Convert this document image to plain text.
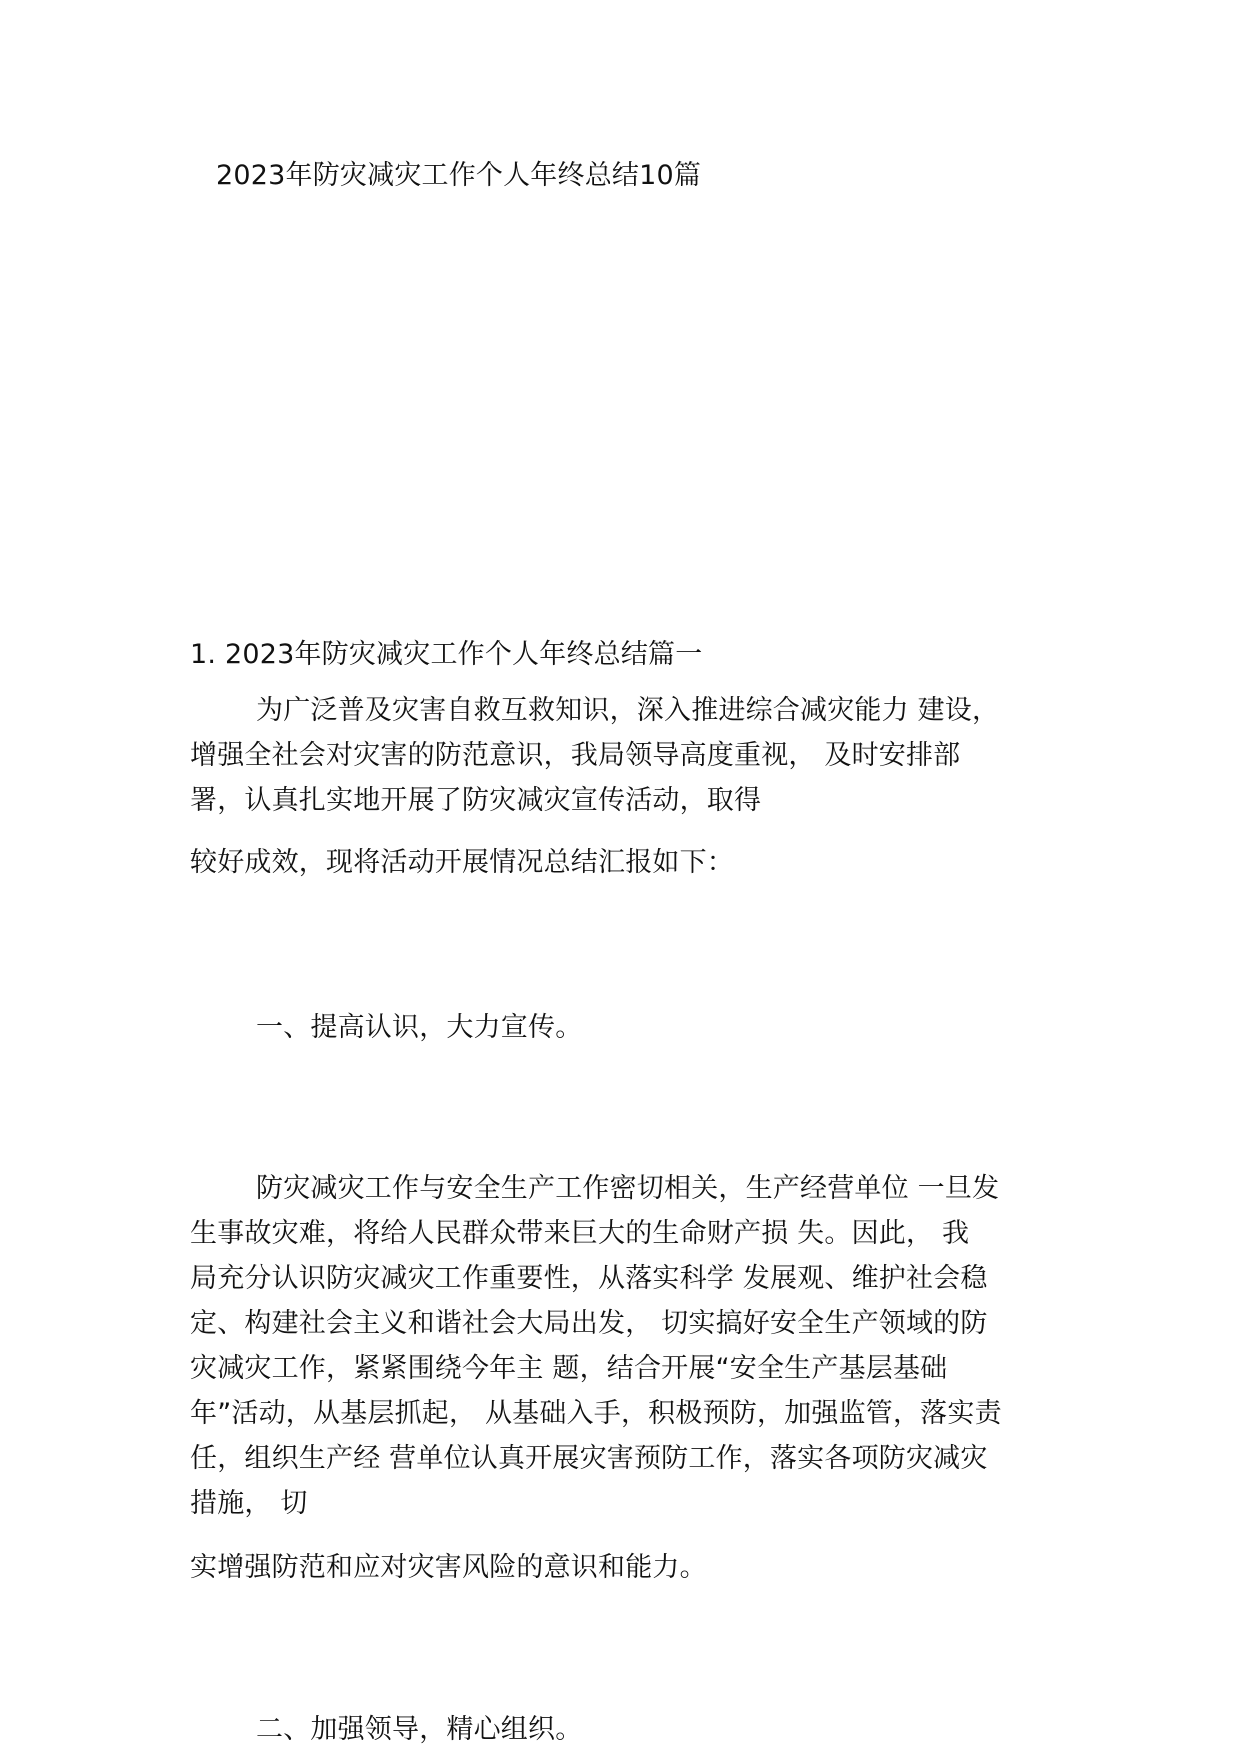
2023年防灾减灾工作个人年终总结10篇
1. 2023年防灾减灾工作个人年终总结篇一
为广泛普及灾害自救互救知识，深入推进综合减灾能力 建设，
增强全社会对灾害的防范意识，我局领导高度重视， 及时安排部
署，认真扎实地开展了防灾减灾宣传活动，取得
较好成效，现将活动开展情况总结汇报如下：
一、提高认识，大力宣传。
防灾减灾工作与安全生产工作密切相关，生产经营单位 一旦发
生事故灾难，将给人民群众带来巨大的生命财产损 失。因此， 我
局充分认识防灾减灾工作重要性，从落实科学 发展观、维护社会稳
定、构建社会主义和谐社会大局出发， 切实搞好安全生产领域的防
灾减灾工作，紧紧围绕今年主 题，结合开展“安全生产基层基础
年”活动，从基层抓起， 从基础入手，积极预防，加强监管，落实责
任，组织生产经 营单位认真开展灾害预防工作，落实各项防灾减灾
措施， 切
实增强防范和应对灾害风险的意识和能力。
二、加强领导，精心组织。
